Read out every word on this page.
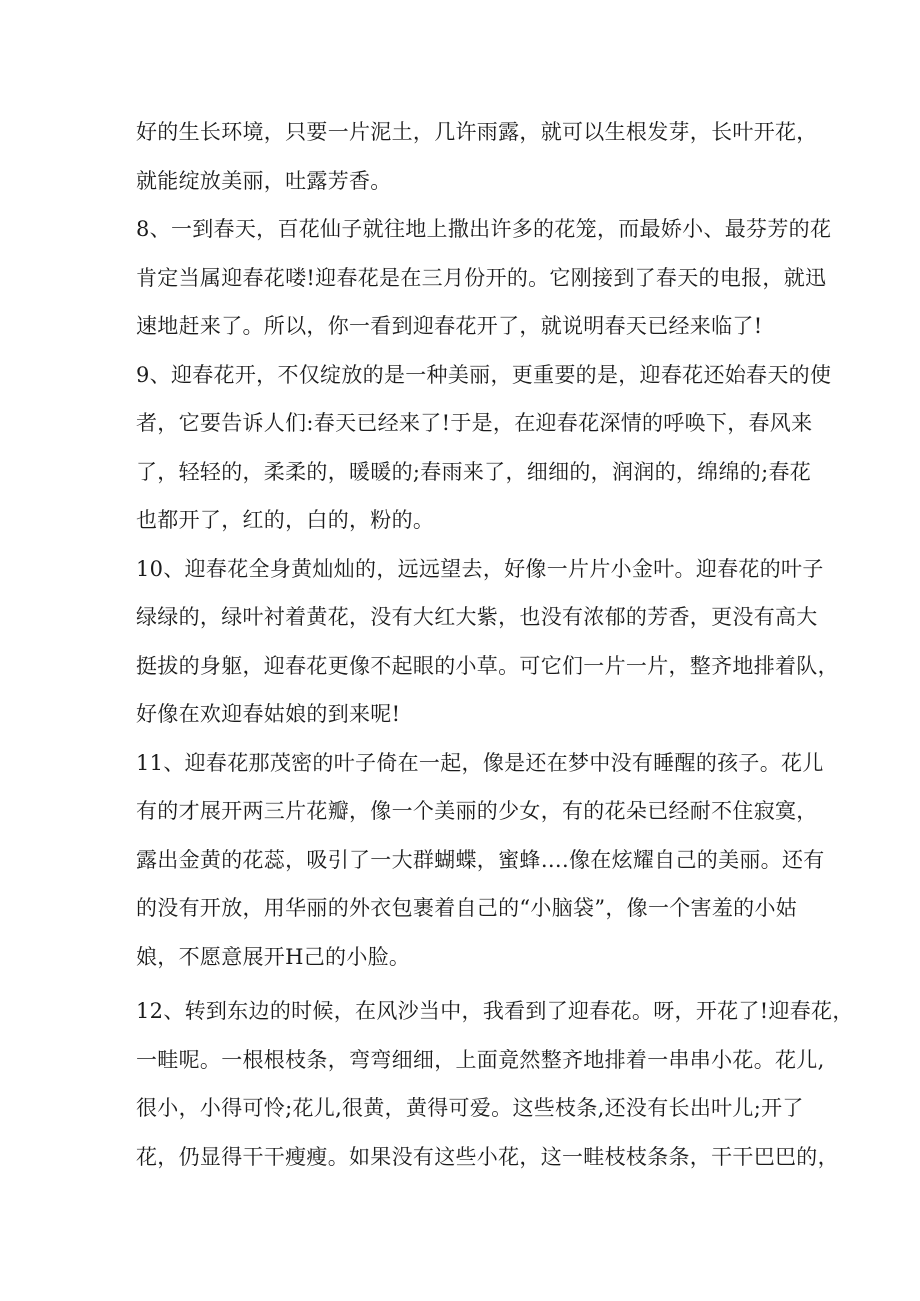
好的生长环境，只要一片泥土，几许雨露，就可以生根发芽，长叶开花，
就能绽放美丽，吐露芳香。
8、一到春天，百花仙子就往地上撒出许多的花笼，而最娇小、最芬芳的花
肯定当属迎春花喽!迎春花是在三月份开的。它刚接到了春天的电报，就迅
速地赶来了。所以，你一看到迎春花开了，就说明春天已经来临了!
9、迎春花开，不仅绽放的是一种美丽，更重要的是，迎春花还始春天的使
者，它要告诉人们:春天已经来了!于是，在迎春花深情的呼唤下，春风来
了，轻轻的，柔柔的，暖暖的;春雨来了，细细的，润润的，绵绵的;春花
也都开了，红的，白的，粉的。
10、迎春花全身黄灿灿的，远远望去，好像一片片小金叶。迎春花的叶子
绿绿的，绿叶衬着黄花，没有大红大紫，也没有浓郁的芳香，更没有高大
挺拔的身躯，迎春花更像不起眼的小草。可它们一片一片，整齐地排着队，
好像在欢迎春姑娘的到来呢!
11、迎春花那茂密的叶子倚在一起，像是还在梦中没有睡醒的孩子。花儿
有的才展开两三片花瓣，像一个美丽的少女，有的花朵已经耐不住寂寞，
露出金黄的花蕊，吸引了一大群蝴蝶，蜜蜂….像在炫耀自己的美丽。还有
的没有开放，用华丽的外衣包裹着自己的“小脑袋”，像一个害羞的小姑
娘，不愿意展开H己的小脸。
12、转到东边的时候，在风沙当中，我看到了迎春花。呀，开花了!迎春花，
一畦呢。一根根枝条，弯弯细细，上面竟然整齐地排着一串串小花。花儿,
很小，小得可怜;花儿,很黄，黄得可爱。这些枝条,还没有长出叶儿;开了
花，仍显得干干瘦瘦。如果没有这些小花，这一畦枝枝条条，干干巴巴的，
